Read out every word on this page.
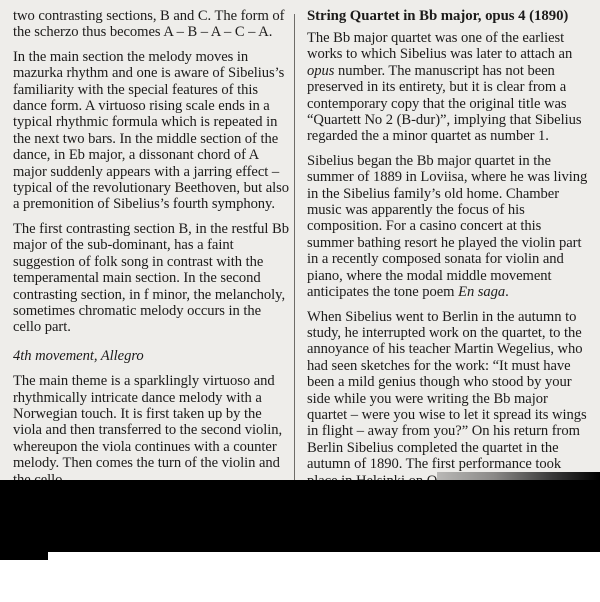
two contrasting sections, B and C. The form of the scherzo thus becomes A – B – A – C – A.

In the main section the melody moves in mazurka rhythm and one is aware of Sibelius’s familiarity with the special features of this dance form. A virtuoso rising scale ends in a typical rhythmic formula which is repeated in the next two bars. In the middle section of the dance, in Eb major, a dissonant chord of A major suddenly appears with a jarring effect – typical of the revolutionary Beethoven, but also a premonition of Sibelius’s fourth symphony.

The first contrasting section B, in the restful Bb major of the sub-dominant, has a faint suggestion of folk song in contrast with the temperamental main section. In the second contrasting section, in f minor, the melancholy, sometimes chromatic melody occurs in the cello part.

4th movement, Allegro

The main theme is a sparklingly virtuoso and rhythmically intricate dance melody with a Norwegian touch. It is first taken up by the viola and then transferred to the second violin, whereupon the viola continues with a counter melody. Then comes the turn of the violin and

String Quartet in Bb major, opus 4 (1890)

The Bb major quartet was one of the earliest works to which Sibelius was later to attach an opus number. The manuscript has not been preserved in its entirety, but it is clear from a contemporary copy that the original title was “Quartett No 2 (B-dur)”, implying that Sibelius regarded the a minor quartet as number 1.

Sibelius began the Bb major quartet in the summer of 1889 in Loviisa, where he was living in the Sibelius family’s old home. Chamber music was apparently the focus of his composition. For a casino concert at this summer bathing resort he played the violin part in a recently composed sonata for violin and piano, where the modal middle movement anticipates the tone poem En saga.

When Sibelius went to Berlin in the autumn to study, he interrupted work on the quartet, to the annoyance of his teacher Martin Wegelius, who had seen sketches for the work: “It must have been a mild genius though who stood by your side while you were writing the Bb major quartet – were you wise to let it spread its wings in flight – away from you?” On his return from Berlin Sibelius completed the quartet in the autumn of 1890. The first performance took
